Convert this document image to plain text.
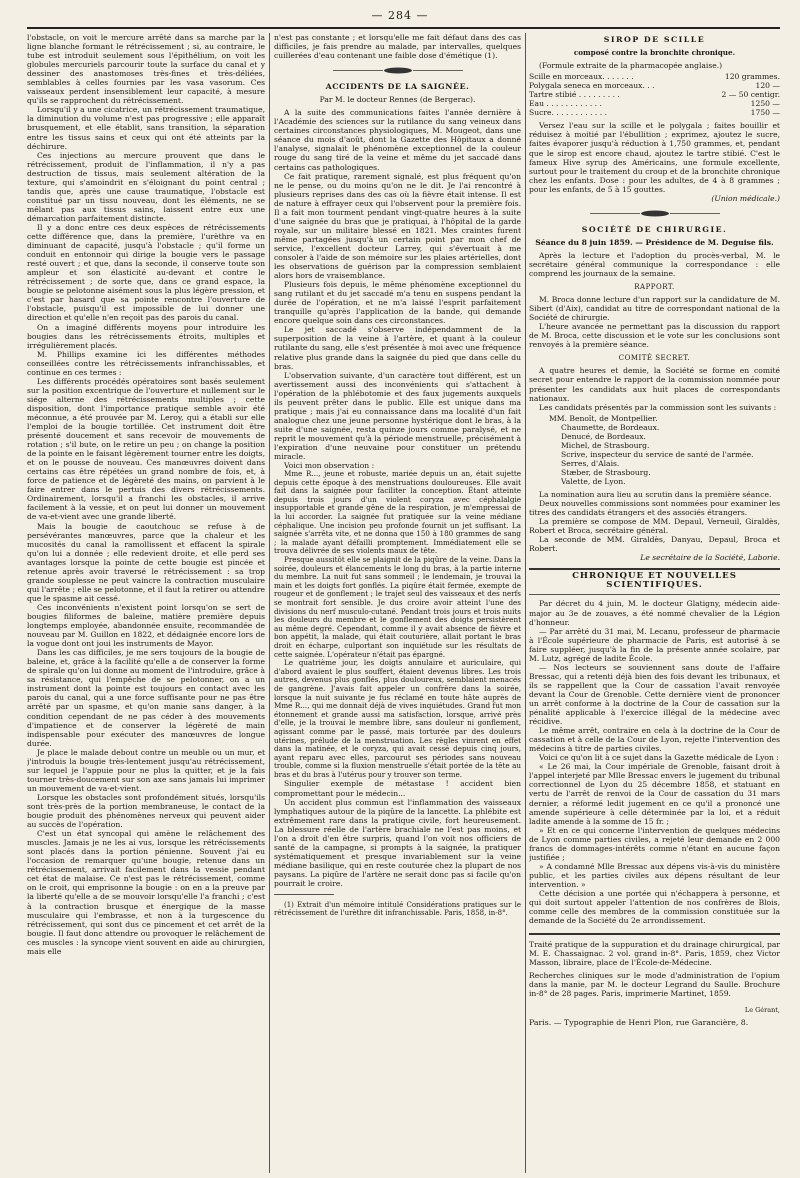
— 284 —

l'obstacle, on voit le mercure arrêté dans sa marche par la ligne blanche formant le rétrécissement ; si, au contraire, le tube est introduit seulement sous l'épithélium, on voit les globules mercuriels parcourir toute la surface du canal et y dessiner des anastomoses très-fines et très-déliées, semblables à celles fournies par les vasa vasorum. Ces vaisseaux perdent insensiblement leur capacité, à mesure qu'ils se rapprochent du rétrécissement.

Lorsqu'il y a une cicatrice, un rétrécissement traumatique, la diminution du volume n'est pas progressive ; elle apparaît brusquement, et elle établit, sans transition, la séparation entre les tissus sains et ceux qui ont été atteints par la déchirure.

Ces injections au mercure prouvent que dans le rétrécissement, produit de l'inflammation, il n'y a pas destruction de tissus, mais seulement altération de la texture, qui s'amoindrit en s'éloignant du point central ; tandis que, après une cause traumatique, l'obstacle est constitué par un tissu nouveau, dont les éléments, ne se mêlant pas aux tissus sains, laissent entre eux une démarcation parfaitement distincte.

Il y a donc entre ces deux espèces de rétrécissements cette différence que, dans la première, l'urèthre va en diminuant de capacité, jusqu'à l'obstacle ; qu'il forme un conduit en entonnoir qui dirige la bougie vers le passage resté ouvert ; et que, dans la seconde, il conserve toute son ampleur et son élasticité au-devant et contre le rétrécissement ; de sorte que, dans ce grand espace, la bougie se pelotonne aisément sous la plus légère pression, et c'est par hasard que sa pointe rencontre l'ouverture de l'obstacle, puisqu'il est impossible de lui donner une direction et qu'elle n'en reçoit pas des parois du canal.

On a imaginé différents moyens pour introduire les bougies dans les rétrécissements étroits, multiples et irrégulièrement placés.

M. Phillips examine ici les différentes méthodes conseillées contre les rétrécissements infranchissables, et continue en ces termes :

Les différents procédés opératoires sont basés seulement sur la position excentrique de l'ouverture et nullement sur le siége alterne des rétrécissements multiples ; cette disposition, dont l'importance pratique semble avoir été méconnue, a été prouvée par M. Leroy, qui a établi sur elle l'emploi de la bougie tortillée. Cet instrument doit être présenté doucement et sans recevoir de mouvements de rotation ; s'il bute, on le retire un peu ; on change la position de la pointe en le faisant légèrement tourner entre les doigts, et on le pousse de nouveau. Ces manœuvres doivent dans certains cas être répétées un grand nombre de fois, et, à force de patience et de légèreté des mains, on parvient à le faire entrer dans le pertuis des divers rétrécissements. Ordinairement, lorsqu'il a franchi les obstacles, il arrive facilement à la vessie, et on peut lui donner un mouvement de va-et-vient avec une grande liberté.

Mais la bougie de caoutchouc se refuse à de persévérantes manœuvres, parce que la chaleur et les mucosités du canal la ramollissent et effacent la spirale qu'on lui a donnée ; elle redevient droite, et elle perd ses avantages lorsque la pointe de cette bougie est pincée et retenue après avoir traversé le rétrécissement : sa trop grande souplesse ne peut vaincre la contraction musculaire qui l'arrête ; elle se pelotonne, et il faut la retirer ou attendre que le spasme ait cessé.

Ces inconvénients n'existent point lorsqu'on se sert de bougies filiformes de baleine, matière première depuis longtemps employée, abandonnée ensuite, recommandée de nouveau par M. Guillon en 1822, et dédaignée encore lors de la vogue dont ont joui les instruments de Mayor.

Dans les cas difficiles, je me sers toujours de la bougie de baleine, et, grâce à la facilité qu'elle a de conserver la forme de spirale qu'on lui donne au moment de l'introduire, grâce à sa résistance, qui l'empêche de se pelotonner, on a un instrument dont la pointe est toujours en contact avec les parois du canal, qui a une force suffisante pour ne pas être arrêté par un spasme, et qu'on manie sans danger, à la condition cependant de ne pas céder à des mouvements d'impatience et de conserver la légèreté de main indispensable pour exécuter des manœuvres de longue durée.

Je place le malade debout contre un meuble ou un mur, et j'introduis la bougie très-lentement jusqu'au rétrécissement, sur lequel je l'appuie pour ne plus la quitter, et je la fais tourner très-doucement sur son axe sans jamais lui imprimer un mouvement de va-et-vient.

Lorsque les obstacles sont profondément situés, lorsqu'ils sont très-près de la portion membraneuse, le contact de la bougie produit des phénomènes nerveux qui peuvent aider au succès de l'opération.

C'est un état syncopal qui amène le relâchement des muscles. Jamais je ne les ai vus, lorsque les rétrécissements sont placés dans la portion pénienne. Souvent j'ai eu l'occasion de remarquer qu'une bougie, retenue dans un rétrécissement, arrivait facilement dans la vessie pendant cet état de malaise. Ce n'est pas le rétrécissement, comme on le croit, qui emprisonne la bougie : on en a la preuve par la liberté qu'elle a de se mouvoir lorsqu'elle l'a franchi ; c'est à la contraction brusque et énergique de la masse musculaire qui l'embrasse, et non à la turgescence du rétrécissement, qui sont dus ce pincement et cet arrêt de la bougie. Il faut donc attendre ou provoquer le relâchement de ces muscles : la syncope vient souvent en aide au chirurgien, mais elle

n'est pas constante ; et lorsqu'elle me fait défaut dans des cas difficiles, je fais prendre au malade, par intervalles, quelques cuillerées d'eau contenant une faible dose d'émétique (1).

ACCIDENTS DE LA SAIGNÉE.
Par M. le docteur Rennes (de Bergerac).

A la suite des communications faites l'année dernière à l'Académie des sciences sur la rutilance du sang veineux dans certaines circonstances physiologiques, M. Mougeot, dans une séance du mois d'août, dont la Gazette des Hôpitaux a donné l'analyse, signalait le phénomène exceptionnel de la couleur rouge du sang tiré de la veine et même du jet saccadé dans certains cas pathologiques.

Ce fait pratique, rarement signalé, est plus fréquent qu'on ne le pense, ou du moins qu'on ne le dit. Je l'ai rencontré à plusieurs reprises dans des cas où la fièvre était intense. Il est de nature à effrayer ceux qui l'observent pour la première fois. Il a fait mon tourment pendant vingt-quatre heures à la suite d'une saignée du bras que je pratiquai, à l'hôpital de la garde royale, sur un militaire blessé en 1821. Mes craintes furent même partagées jusqu'à un certain point par mon chef de service, l'excellent docteur Larrey, qui s'évertuait à me consoler à l'aide de son mémoire sur les plaies artérielles, dont les observations de guérison par la compression semblaient alors hors de vraisemblance.

Plusieurs fois depuis, le même phénomène exceptionnel du sang rutilant et du jet saccadé m'a tenu en suspens pendant la durée de l'opération, et ne m'a laissé l'esprit parfaitement tranquille qu'après l'application de la bande, qui demande encore quelque soin dans ces circonstances.

Le jet saccadé s'observe indépendamment de la superposition de la veine à l'artère, et quant à la couleur rutilante du sang, elle s'est présentée à moi avec une fréquence relative plus grande dans la saignée du pied que dans celle du bras.

L'observation suivante, d'un caractère tout différent, est un avertissement aussi des inconvénients qui s'attachent à l'opération de la phlébotomie et des faux jugements auxquels ils peuvent prêter dans le public. Elle est unique dans ma pratique ; mais j'ai eu connaissance dans ma localité d'un fait analogue chez une jeune personne hystérique dont le bras, à la suite d'une saignée, resta quinze jours comme paralysé, et ne reprit le mouvement qu'à la période menstruelle, précisément à l'expiration d'une neuvaine pour constituer un prétendu miracle.

Voici mon observation :

Mme R..., jeune et robuste, mariée depuis un an, était sujette depuis cette époque à des menstruations douloureuses. Elle avait fait dans la saignée pour faciliter la conception. Étant atteinte depuis trois jours d'un violent coryza avec céphalalgie insupportable et grande gêne de la respiration, je m'empressai de la lui accorder. La saignée fut pratiquée sur la veine médiane céphalique. Une incision peu profonde fournit un jet suffisant. La saignée s'arrêta vite, et ne donna que 150 à 180 grammes de sang ; la malade ayant défailli promptement. Immédiatement elle se trouva délivrée de ses violents maux de tête.

Presque aussitôt elle se plaignit de la piqûre de la veine. Dans la soirée, douleurs et élancements le long du bras, à la partie interne du membre. La nuit fut sans sommeil ; le lendemain, je trouvai la main et les doigts fort gonflés. La piqûre était fermée, exempte de rougeur et de gonflement ; le trajet seul des vaisseaux et des nerfs se montrait fort sensible. Je dus croire avoir atteint l'une des divisions du nerf musculo-cutané. Pendant trois jours et trois nuits les douleurs du membre et le gonflement des doigts persistèrent au même degré. Cependant, comme il y avait absence de fièvre et bon appétit, la malade, qui était couturière, allait portant le bras droit en écharpe, culportant son inquiétude sur les résultats de cette saignée. L'opérateur n'était pas épargné.

Le quatrième jour, les doigts annulaire et auriculaire, qui d'abord avaient le plus souffert, étaient devenus libres. Les trois autres, devenus plus gonflés, plus douloureux, semblaient menacés de gangrène. J'avais fait appeler un confrère dans la soirée, lorsque la nuit suivante je fus réclamé en toute hâte auprès de Mme R..., qui me donnait déjà de vives inquiétudes. Grand fut mon étonnement et grande aussi ma satisfaction, lorsque, arrivé près d'elle, je la trouvai le membre libre, sans douleur ni gonflement, agissant comme par le passé, mais torturée par des douleurs utérines, prélude de la menstruation. Les règles vinrent en effet dans la matinée, et le coryza, qui avait cessé depuis cinq jours, ayant reparu avec elles, parcourut ses périodes sans nouveau trouble, comme si la fluxion menstruelle s'était portée de la tête au bras et du bras à l'utérus pour y trouver son terme.

Singulier exemple de métastase ! accident bien compromettant pour le médecin...

Un accident plus commun est l'inflammation des vaisseaux lymphatiques autour de la piqûre de la lancette. La phlébite est extrêmement rare dans la pratique civile, fort heureusement. La blessure réelle de l'artère brachiale ne l'est pas moins, et l'on a droit d'en être surpris, quand l'on voit nos officiers de santé de la campagne, si prompts à la saignée, la pratiquer systématiquement et presque invariablement sur la veine médiane basilique, qui en reste couturée chez la plupart de nos paysans. La piqûre de l'artère ne serait donc pas si facile qu'on pourrait le croire.

(1) Extrait d'un mémoire intitulé Considérations pratiques sur le rétrécissement de l'urèthre dit infranchissable. Paris, 1858, in-8°.

SIROP DE SCILLE
composé contre la bronchite chronique.

(Formule extraite de la pharmacopée anglaise.)

Scille en morceaux. . . . . . .	120 grammes.
Polygala seneca en morceaux. . .	120 —
Tartre stibié . . . . . . . . .	2 — 50 centigr.
Eau . . . . . . . . . . . .	1250 —
Sucre. . . . . . . . . . . .	1750 —

Versez l'eau sur la scille et le polygala ; faites bouillir et réduisez à moitié par l'ébullition ; exprimez, ajoutez le sucre, faites évaporer jusqu'à réduction à 1,750 grammes, et, pendant que le sirop est encore chaud, ajoutez le tartre stibié. C'est le fameux Hive syrup des Américains, une formule excellente, surtout pour le traitement du croup et de la bronchite chronique chez les enfants. Dose : pour les adultes, de 4 à 8 grammes ; pour les enfants, de 5 à 15 gouttes.

(Union médicale.)

SOCIÉTÉ DE CHIRURGIE.
Séance du 8 juin 1859. — Présidence de M. Deguise fils.

Après la lecture et l'adoption du procès-verbal, M. le secrétaire général communique la correspondance : elle comprend les journaux de la semaine.

RAPPORT.

M. Broca donne lecture d'un rapport sur la candidature de M. Sibert (d'Aix), candidat au titre de correspondant national de la Société de chirurgie.

L'heure avancée ne permettant pas la discussion du rapport de M. Broca, cette discussion et le vote sur les conclusions sont renvoyés à la première séance.

COMITÉ SECRET.

A quatre heures et demie, la Société se forme en comité secret pour entendre le rapport de la commission nommée pour présenter les candidats aux huit places de correspondants nationaux.

Les candidats présentés par la commission sont les suivants :

MM. Benoît, de Montpellier.
Chaumette, de Bordeaux.
Denucé, de Bordeaux.
Michel, de Strasbourg.
Scrive, inspecteur du service de santé de l'armée.
Serres, d'Alais.
Stæber, de Strasbourg.
Valette, de Lyon.

La nomination aura lieu au scrutin dans la première séance.

Deux nouvelles commissions sont nommées pour examiner les titres des candidats étrangers et des associés étrangers.

La première se compose de MM. Depaul, Verneuil, Giraldès, Robert et Broca, secrétaire général.

La seconde de MM. Giraldès, Danyau, Depaul, Broca et Robert.

Le secrétaire de la Société, Laborie.

CHRONIQUE ET NOUVELLES SCIENTIFIQUES.

Par décret du 4 juin, M. le docteur Glatigny, médecin aide-major au 3e de zouaves, a été nommé chevalier de la Légion d'honneur.

— Par arrêté du 31 mai, M. Lecanu, professeur de pharmacie à l'École supérieure de pharmacie de Paris, est autorisé à se faire suppléer, jusqu'à la fin de la présente année scolaire, par M. Lutz, agrégé de ladite École.

— Nos lecteurs se souviennent sans doute de l'affaire Bressac, qui a retenti déjà bien des fois devant les tribunaux, et ils se rappellent que la Cour de cassation l'avait renvoyée devant la Cour de Grenoble. Cette dernière vient de prononcer un arrêt conforme à la doctrine de la Cour de cassation sur la pénalité applicable à l'exercice illégal de la médecine avec récidive.

Le même arrêt, contraire en cela à la doctrine de la Cour de cassation et à celle de la Cour de Lyon, rejette l'intervention des médecins à titre de parties civiles.

Voici ce qu'on lit à ce sujet dans la Gazette médicale de Lyon :

« Le 26 mai, la Cour impériale de Grenoble, faisant droit à l'appel interjeté par Mlle Bressac envers le jugement du tribunal correctionnel de Lyon du 25 décembre 1858, et statuant en vertu de l'arrêt de renvoi de la Cour de cassation du 31 mars dernier, a réformé ledit jugement en ce qu'il a prononcé une amende supérieure à celle déterminée par la loi, et a réduit ladite amende à la somme de 15 fr. ;

» Et en ce qui concerne l'intervention de quelques médecins de Lyon comme parties civiles, a rejeté leur demande en 2 000 francs de dommages-intérêts comme n'étant en aucune façon justifiée ;

» A condamné Mlle Bressac aux dépens vis-à-vis du ministère public, et les parties civiles aux dépens résultant de leur intervention. »

Cette décision a une portée qui n'échappera à personne, et qui doit surtout appeler l'attention de nos confrères de Blois, comme celle des membres de la commission constituée sur la demande de la Société du 2e arrondissement.

Traité pratique de la suppuration et du drainage chirurgical, par M. E. Chassaignac. 2 vol. grand in-8°. Paris, 1859, chez Victor Masson, libraire, place de l'École-de-Médecine.

Recherches cliniques sur le mode d'administration de l'opium dans la manie, par M. le docteur Legrand du Saulle. Brochure in-8° de 28 pages. Paris, imprimerie Martinet, 1859.

Le Gérant,
Paris. — Typographie de Henri Plon, rue Garancière, 8.
